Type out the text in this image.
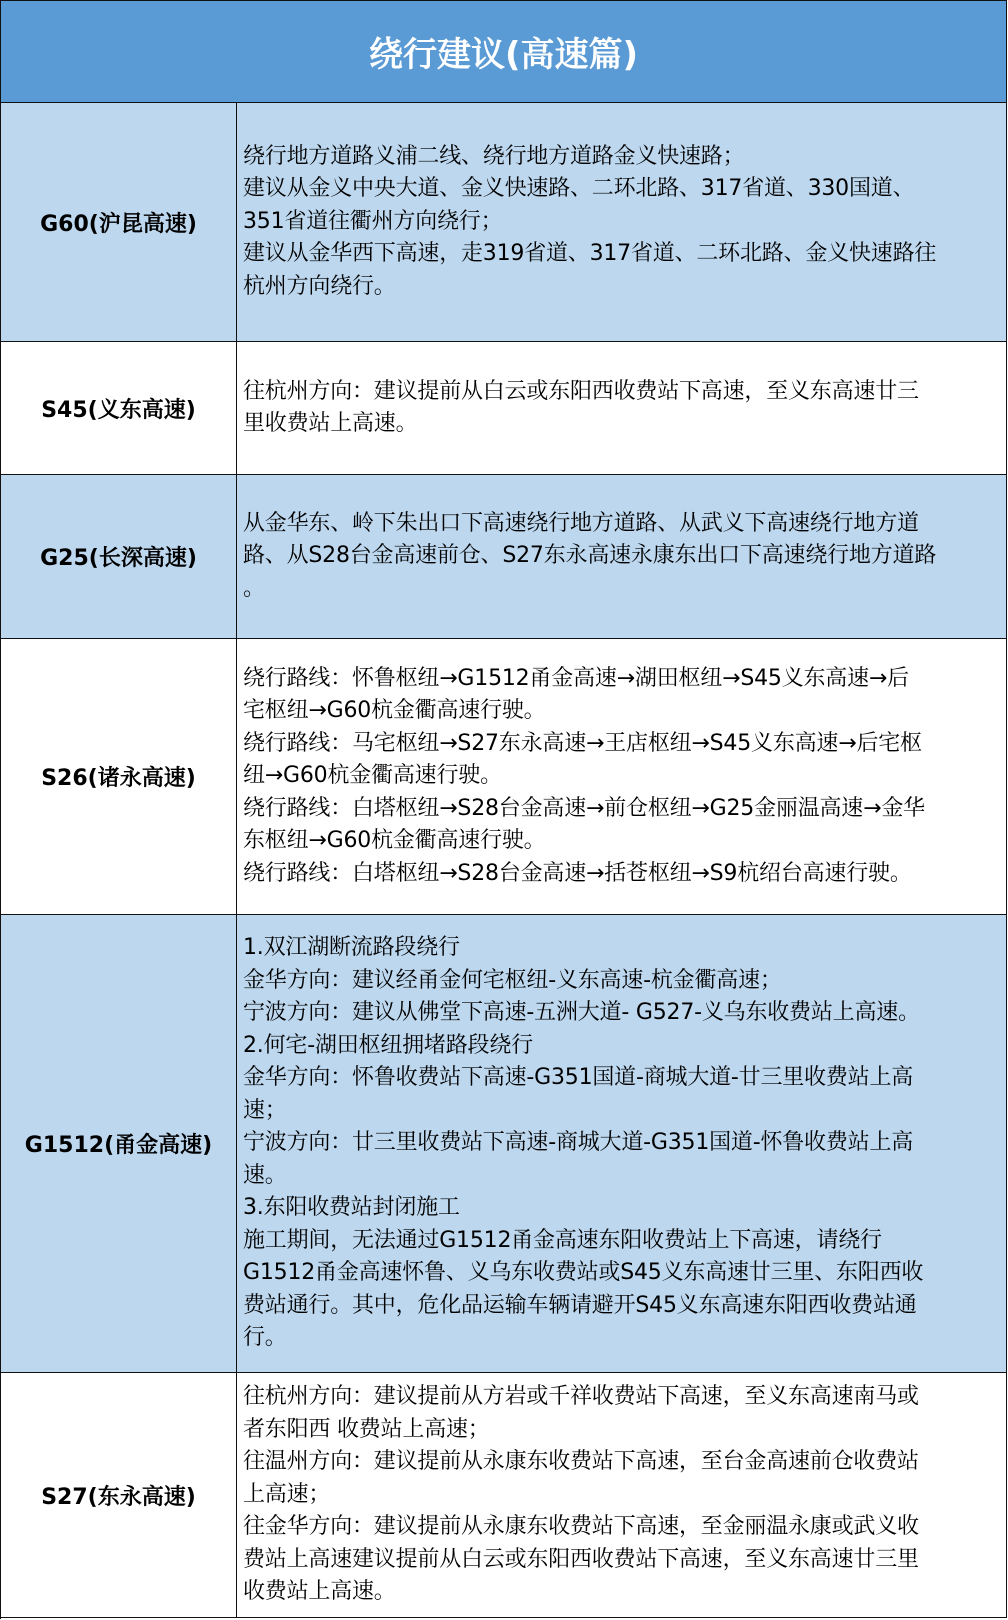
绕行建议(高速篇)
G60(沪昆高速)
绕行地方道路义浦二线、绕行地方道路金义快速路；
建议从金义中央大道、金义快速路、二环北路、317省道、330国道、
351省道往衢州方向绕行；
建议从金华西下高速，走319省道、317省道、二环北路、金义快速路往
杭州方向绕行。
S45(义东高速)
往杭州方向：建议提前从白云或东阳西收费站下高速，至义东高速廿三
里收费站上高速。
G25(长深高速)
从金华东、岭下朱出口下高速绕行地方道路、从武义下高速绕行地方道
路、从S28台金高速前仓、S27东永高速永康东出口下高速绕行地方道路
。
S26(诸永高速)
绕行路线：怀鲁枢纽→G1512甬金高速→湖田枢纽→S45义东高速→后
宅枢纽→G60杭金衢高速行驶。
绕行路线：马宅枢纽→S27东永高速→王店枢纽→S45义东高速→后宅枢
纽→G60杭金衢高速行驶。
绕行路线：白塔枢纽→S28台金高速→前仓枢纽→G25金丽温高速→金华
东枢纽→G60杭金衢高速行驶。
绕行路线：白塔枢纽→S28台金高速→括苍枢纽→S9杭绍台高速行驶。
G1512(甬金高速)
1.双江湖断流路段绕行
金华方向：建议经甬金何宅枢纽-义东高速-杭金衢高速；
宁波方向：建议从佛堂下高速-五洲大道- G527-义乌东收费站上高速。
2.何宅-湖田枢纽拥堵路段绕行
金华方向：怀鲁收费站下高速-G351国道-商城大道-廿三里收费站上高
速；
宁波方向：廿三里收费站下高速-商城大道-G351国道-怀鲁收费站上高
速。
3.东阳收费站封闭施工
施工期间，无法通过G1512甬金高速东阳收费站上下高速，请绕行
G1512甬金高速怀鲁、义乌东收费站或S45义东高速廿三里、东阳西收
费站通行。其中，危化品运输车辆请避开S45义东高速东阳西收费站通
行。
S27(东永高速)
往杭州方向：建议提前从方岩或千祥收费站下高速，至义东高速南马或
者东阳西 收费站上高速；
往温州方向：建议提前从永康东收费站下高速，至台金高速前仓收费站
上高速；
往金华方向：建议提前从永康东收费站下高速，至金丽温永康或武义收
费站上高速建议提前从白云或东阳西收费站下高速，至义东高速廿三里
收费站上高速。
